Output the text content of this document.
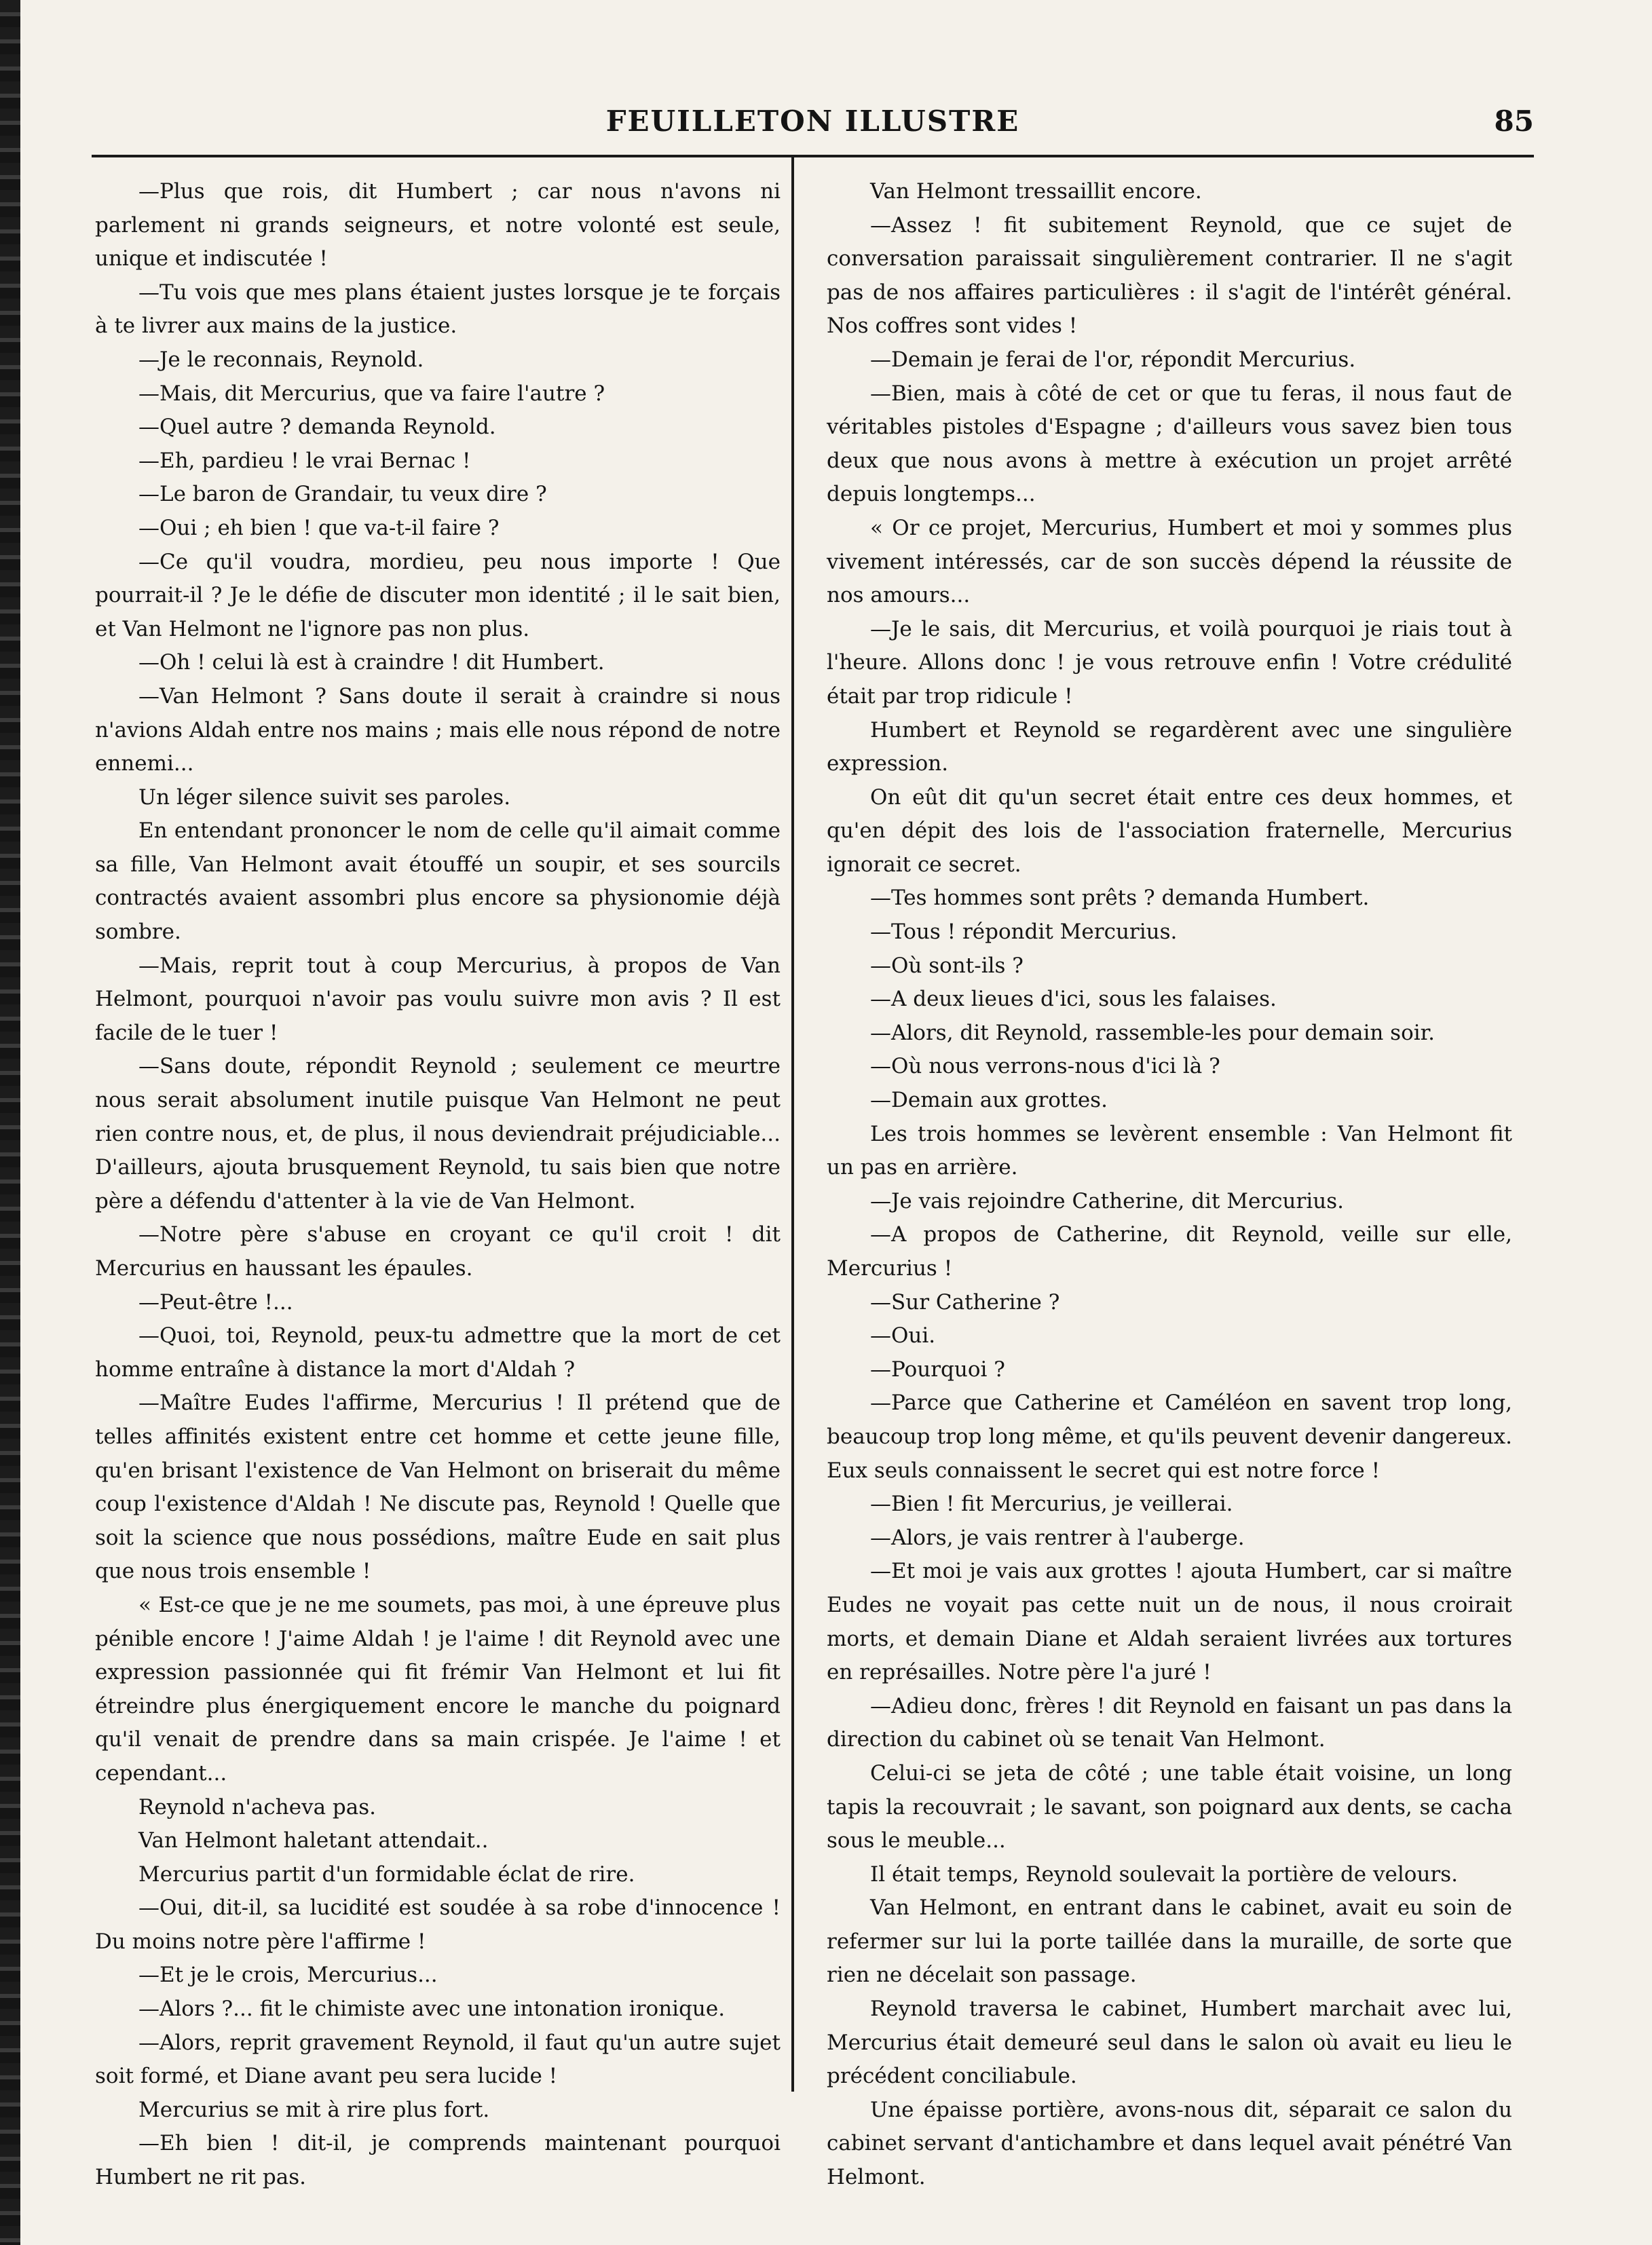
FEUILLETON ILLUSTRE	85

—Plus que rois, dit Humbert ; car nous n'avons ni parlement ni grands seigneurs, et notre volonté est seule, unique et indiscutée !

—Tu vois que mes plans étaient justes lorsque je te forçais à te livrer aux mains de la justice.

—Je le reconnais, Reynold.

—Mais, dit Mercurius, que va faire l'autre ?

—Quel autre ? demanda Reynold.

—Eh, pardieu ! le vrai Bernac !

—Le baron de Grandair, tu veux dire ?

—Oui ; eh bien ! que va-t-il faire ?

—Ce qu'il voudra, mordieu, peu nous importe ! Que pourrait-il ? Je le défie de discuter mon identité ; il le sait bien, et Van Helmont ne l'ignore pas non plus.

—Oh ! celui là est à craindre ! dit Humbert.

—Van Helmont ? Sans doute il serait à craindre si nous n'avions Aldah entre nos mains ; mais elle nous répond de notre ennemi...

Un léger silence suivit ses paroles.

En entendant prononcer le nom de celle qu'il aimait comme sa fille, Van Helmont avait étouffé un soupir, et ses sourcils contractés avaient assombri plus encore sa physionomie déjà sombre.

—Mais, reprit tout à coup Mercurius, à propos de Van Helmont, pourquoi n'avoir pas voulu suivre mon avis ? Il est facile de le tuer !

—Sans doute, répondit Reynold ; seulement ce meurtre nous serait absolument inutile puisque Van Helmont ne peut rien contre nous, et, de plus, il nous deviendrait préjudiciable... D'ailleurs, ajouta brusquement Reynold, tu sais bien que notre père a défendu d'attenter à la vie de Van Helmont.

—Notre père s'abuse en croyant ce qu'il croit ! dit Mercurius en haussant les épaules.

—Peut-être !...

—Quoi, toi, Reynold, peux-tu admettre que la mort de cet homme entraîne à distance la mort d'Aldah ?

—Maître Eudes l'affirme, Mercurius ! Il prétend que de telles affinités existent entre cet homme et cette jeune fille, qu'en brisant l'existence de Van Helmont on briserait du même coup l'existence d'Aldah ! Ne discute pas, Reynold ! Quelle que soit la science que nous possédions, maître Eude en sait plus que nous trois ensemble !

« Est-ce que je ne me soumets, pas moi, à une épreuve plus pénible encore ! J'aime Aldah ! je l'aime ! dit Reynold avec une expression passionnée qui fit frémir Van Helmont et lui fit étreindre plus énergiquement encore le manche du poignard qu'il venait de prendre dans sa main crispée. Je l'aime ! et cependant...

Reynold n'acheva pas.

Van Helmont haletant attendait..

Mercurius partit d'un formidable éclat de rire.

—Oui, dit-il, sa lucidité est soudée à sa robe d'innocence ! Du moins notre père l'affirme !

—Et je le crois, Mercurius...

—Alors ?... fit le chimiste avec une intonation ironique.

—Alors, reprit gravement Reynold, il faut qu'un autre sujet soit formé, et Diane avant peu sera lucide !

Mercurius se mit à rire plus fort.

—Eh bien ! dit-il, je comprends maintenant pourquoi Humbert ne rit pas.

Van Helmont tressaillit encore.

—Assez ! fit subitement Reynold, que ce sujet de conversation paraissait singulièrement contrarier. Il ne s'agit pas de nos affaires particulières : il s'agit de l'intérêt général. Nos coffres sont vides !

—Demain je ferai de l'or, répondit Mercurius.

—Bien, mais à côté de cet or que tu feras, il nous faut de véritables pistoles d'Espagne ; d'ailleurs vous savez bien tous deux que nous avons à mettre à exécution un projet arrêté depuis longtemps...

« Or ce projet, Mercurius, Humbert et moi y sommes plus vivement intéressés, car de son succès dépend la réussite de nos amours...

—Je le sais, dit Mercurius, et voilà pourquoi je riais tout à l'heure. Allons donc ! je vous retrouve enfin ! Votre crédulité était par trop ridicule !

Humbert et Reynold se regardèrent avec une singulière expression.

On eût dit qu'un secret était entre ces deux hommes, et qu'en dépit des lois de l'association fraternelle, Mercurius ignorait ce secret.

—Tes hommes sont prêts ? demanda Humbert.

—Tous ! répondit Mercurius.

—Où sont-ils ?

—A deux lieues d'ici, sous les falaises.

—Alors, dit Reynold, rassemble-les pour demain soir.

—Où nous verrons-nous d'ici là ?

—Demain aux grottes.

Les trois hommes se levèrent ensemble : Van Helmont fit un pas en arrière.

—Je vais rejoindre Catherine, dit Mercurius.

—A propos de Catherine, dit Reynold, veille sur elle, Mercurius !

—Sur Catherine ?

—Oui.

—Pourquoi ?

—Parce que Catherine et Caméléon en savent trop long, beaucoup trop long même, et qu'ils peuvent devenir dangereux. Eux seuls connaissent le secret qui est notre force !

—Bien ! fit Mercurius, je veillerai.

—Alors, je vais rentrer à l'auberge.

—Et moi je vais aux grottes ! ajouta Humbert, car si maître Eudes ne voyait pas cette nuit un de nous, il nous croirait morts, et demain Diane et Aldah seraient livrées aux tortures en représailles. Notre père l'a juré !

—Adieu donc, frères ! dit Reynold en faisant un pas dans la direction du cabinet où se tenait Van Helmont.

Celui-ci se jeta de côté ; une table était voisine, un long tapis la recouvrait ; le savant, son poignard aux dents, se cacha sous le meuble...

Il était temps, Reynold soulevait la portière de velours.

Van Helmont, en entrant dans le cabinet, avait eu soin de refermer sur lui la porte taillée dans la muraille, de sorte que rien ne décelait son passage.

Reynold traversa le cabinet, Humbert marchait avec lui, Mercurius était demeuré seul dans le salon où avait eu lieu le précédent conciliabule.

Une épaisse portière, avons-nous dit, séparait ce salon du cabinet servant d'antichambre et dans lequel avait pénétré Van Helmont.
